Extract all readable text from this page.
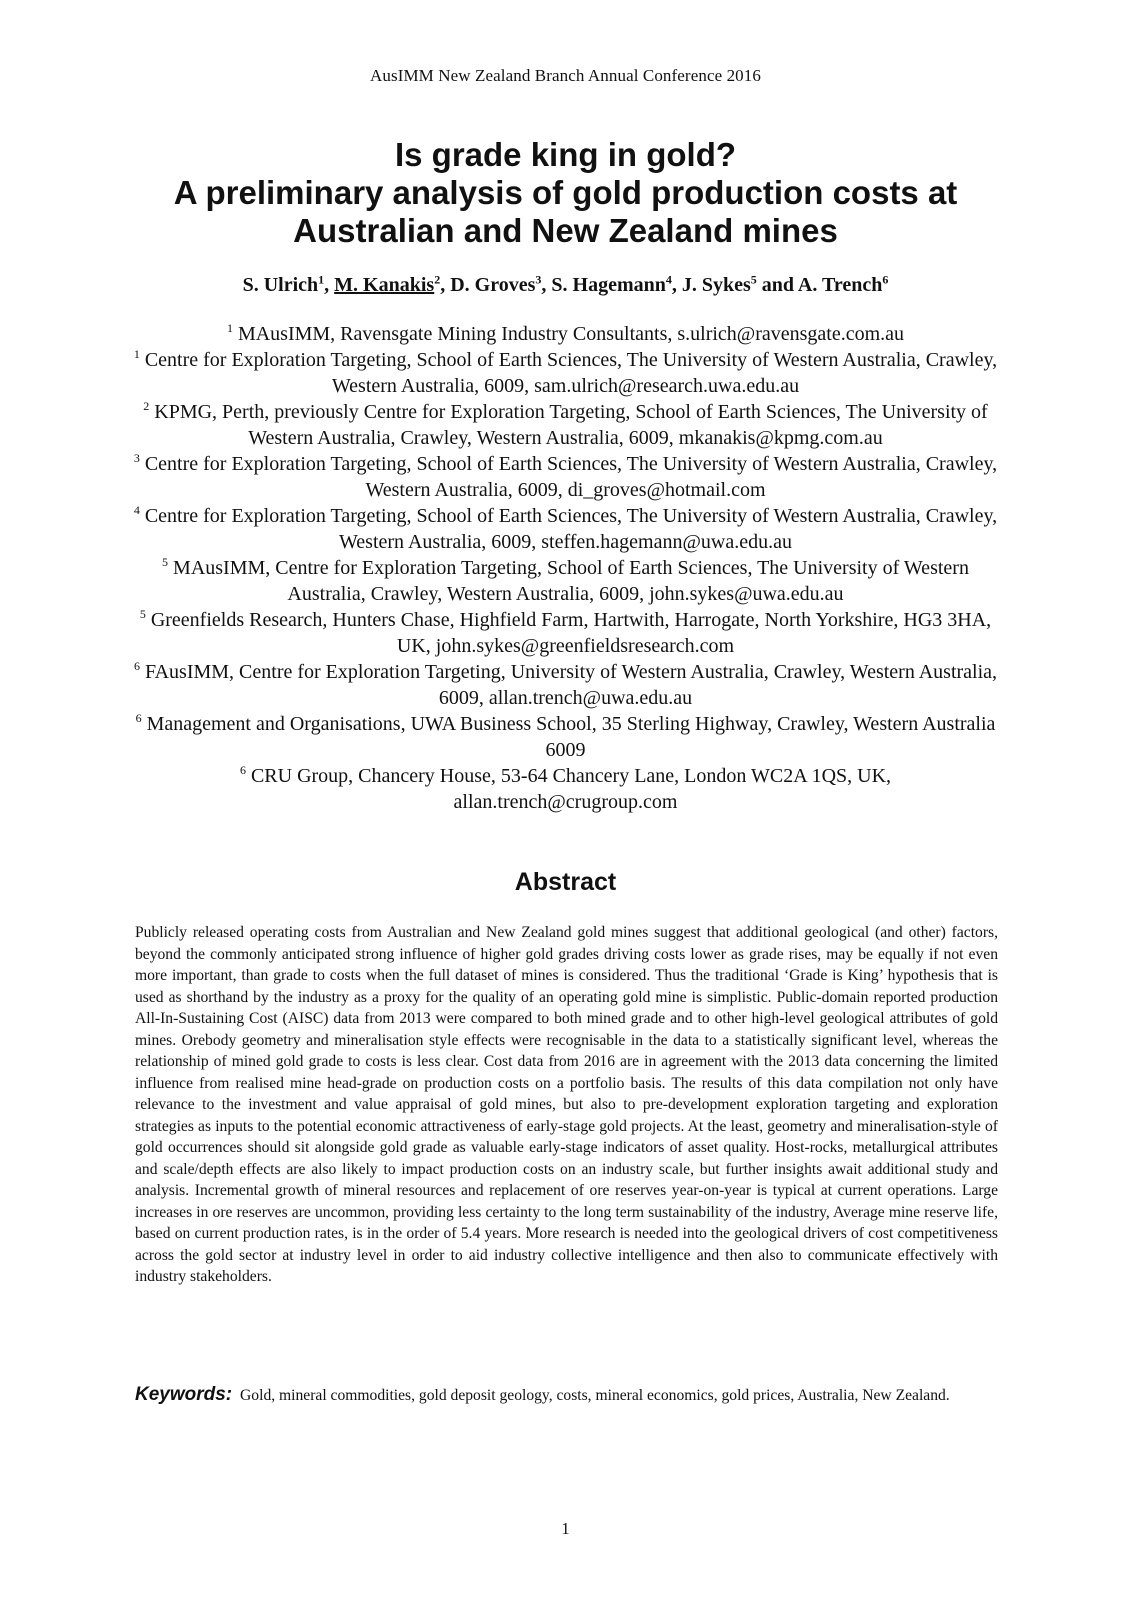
AusIMM New Zealand Branch Annual Conference 2016
Is grade king in gold?
A preliminary analysis of gold production costs at
Australian and New Zealand mines
S. Ulrich$^1$, M. Kanakis$^2$, D. Groves$^3$, S. Hagemann$^4$, J. Sykes$^5$ and A. Trench$^6$
$^1$ MAusIMM, Ravensgate Mining Industry Consultants, s.ulrich@ravensgate.com.au
$^1$ Centre for Exploration Targeting, School of Earth Sciences, The University of Western Australia, Crawley, Western Australia, 6009, sam.ulrich@research.uwa.edu.au
$^2$ KPMG, Perth, previously Centre for Exploration Targeting, School of Earth Sciences, The University of Western Australia, Crawley, Western Australia, 6009, mkanakis@kpmg.com.au
$^3$ Centre for Exploration Targeting, School of Earth Sciences, The University of Western Australia, Crawley, Western Australia, 6009, di_groves@hotmail.com
$^4$ Centre for Exploration Targeting, School of Earth Sciences, The University of Western Australia, Crawley, Western Australia, 6009, steffen.hagemann@uwa.edu.au
$^5$ MAusIMM, Centre for Exploration Targeting, School of Earth Sciences, The University of Western Australia, Crawley, Western Australia, 6009, john.sykes@uwa.edu.au
$^5$ Greenfields Research, Hunters Chase, Highfield Farm, Hartwith, Harrogate, North Yorkshire, HG3 3HA, UK, john.sykes@greenfieldsresearch.com
$^6$ FAusIMM, Centre for Exploration Targeting, University of Western Australia, Crawley, Western Australia, 6009, allan.trench@uwa.edu.au
$^6$ Management and Organisations, UWA Business School, 35 Sterling Highway, Crawley, Western Australia 6009
$^6$ CRU Group, Chancery House, 53-64 Chancery Lane, London WC2A 1QS, UK, allan.trench@crugroup.com
Abstract
Publicly released operating costs from Australian and New Zealand gold mines suggest that additional geological (and other) factors, beyond the commonly anticipated strong influence of higher gold grades driving costs lower as grade rises, may be equally if not even more important, than grade to costs when the full dataset of mines is considered. Thus the traditional ‘Grade is King’ hypothesis that is used as shorthand by the industry as a proxy for the quality of an operating gold mine is simplistic. Public-domain reported production All-In-Sustaining Cost (AISC) data from 2013 were compared to both mined grade and to other high-level geological attributes of gold mines. Orebody geometry and mineralisation style effects were recognisable in the data to a statistically significant level, whereas the relationship of mined gold grade to costs is less clear. Cost data from 2016 are in agreement with the 2013 data concerning the limited influence from realised mine head-grade on production costs on a portfolio basis. The results of this data compilation not only have relevance to the investment and value appraisal of gold mines, but also to pre-development exploration targeting and exploration strategies as inputs to the potential economic attractiveness of early-stage gold projects. At the least, geometry and mineralisation-style of gold occurrences should sit alongside gold grade as valuable early-stage indicators of asset quality. Host-rocks, metallurgical attributes and scale/depth effects are also likely to impact production costs on an industry scale, but further insights await additional study and analysis. Incremental growth of mineral resources and replacement of ore reserves year-on-year is typical at current operations. Large increases in ore reserves are uncommon, providing less certainty to the long term sustainability of the industry, Average mine reserve life, based on current production rates, is in the order of 5.4 years. More research is needed into the geological drivers of cost competitiveness across the gold sector at industry level in order to aid industry collective intelligence and then also to communicate effectively with industry stakeholders.
Keywords: Gold, mineral commodities, gold deposit geology, costs, mineral economics, gold prices, Australia, New Zealand.
1
